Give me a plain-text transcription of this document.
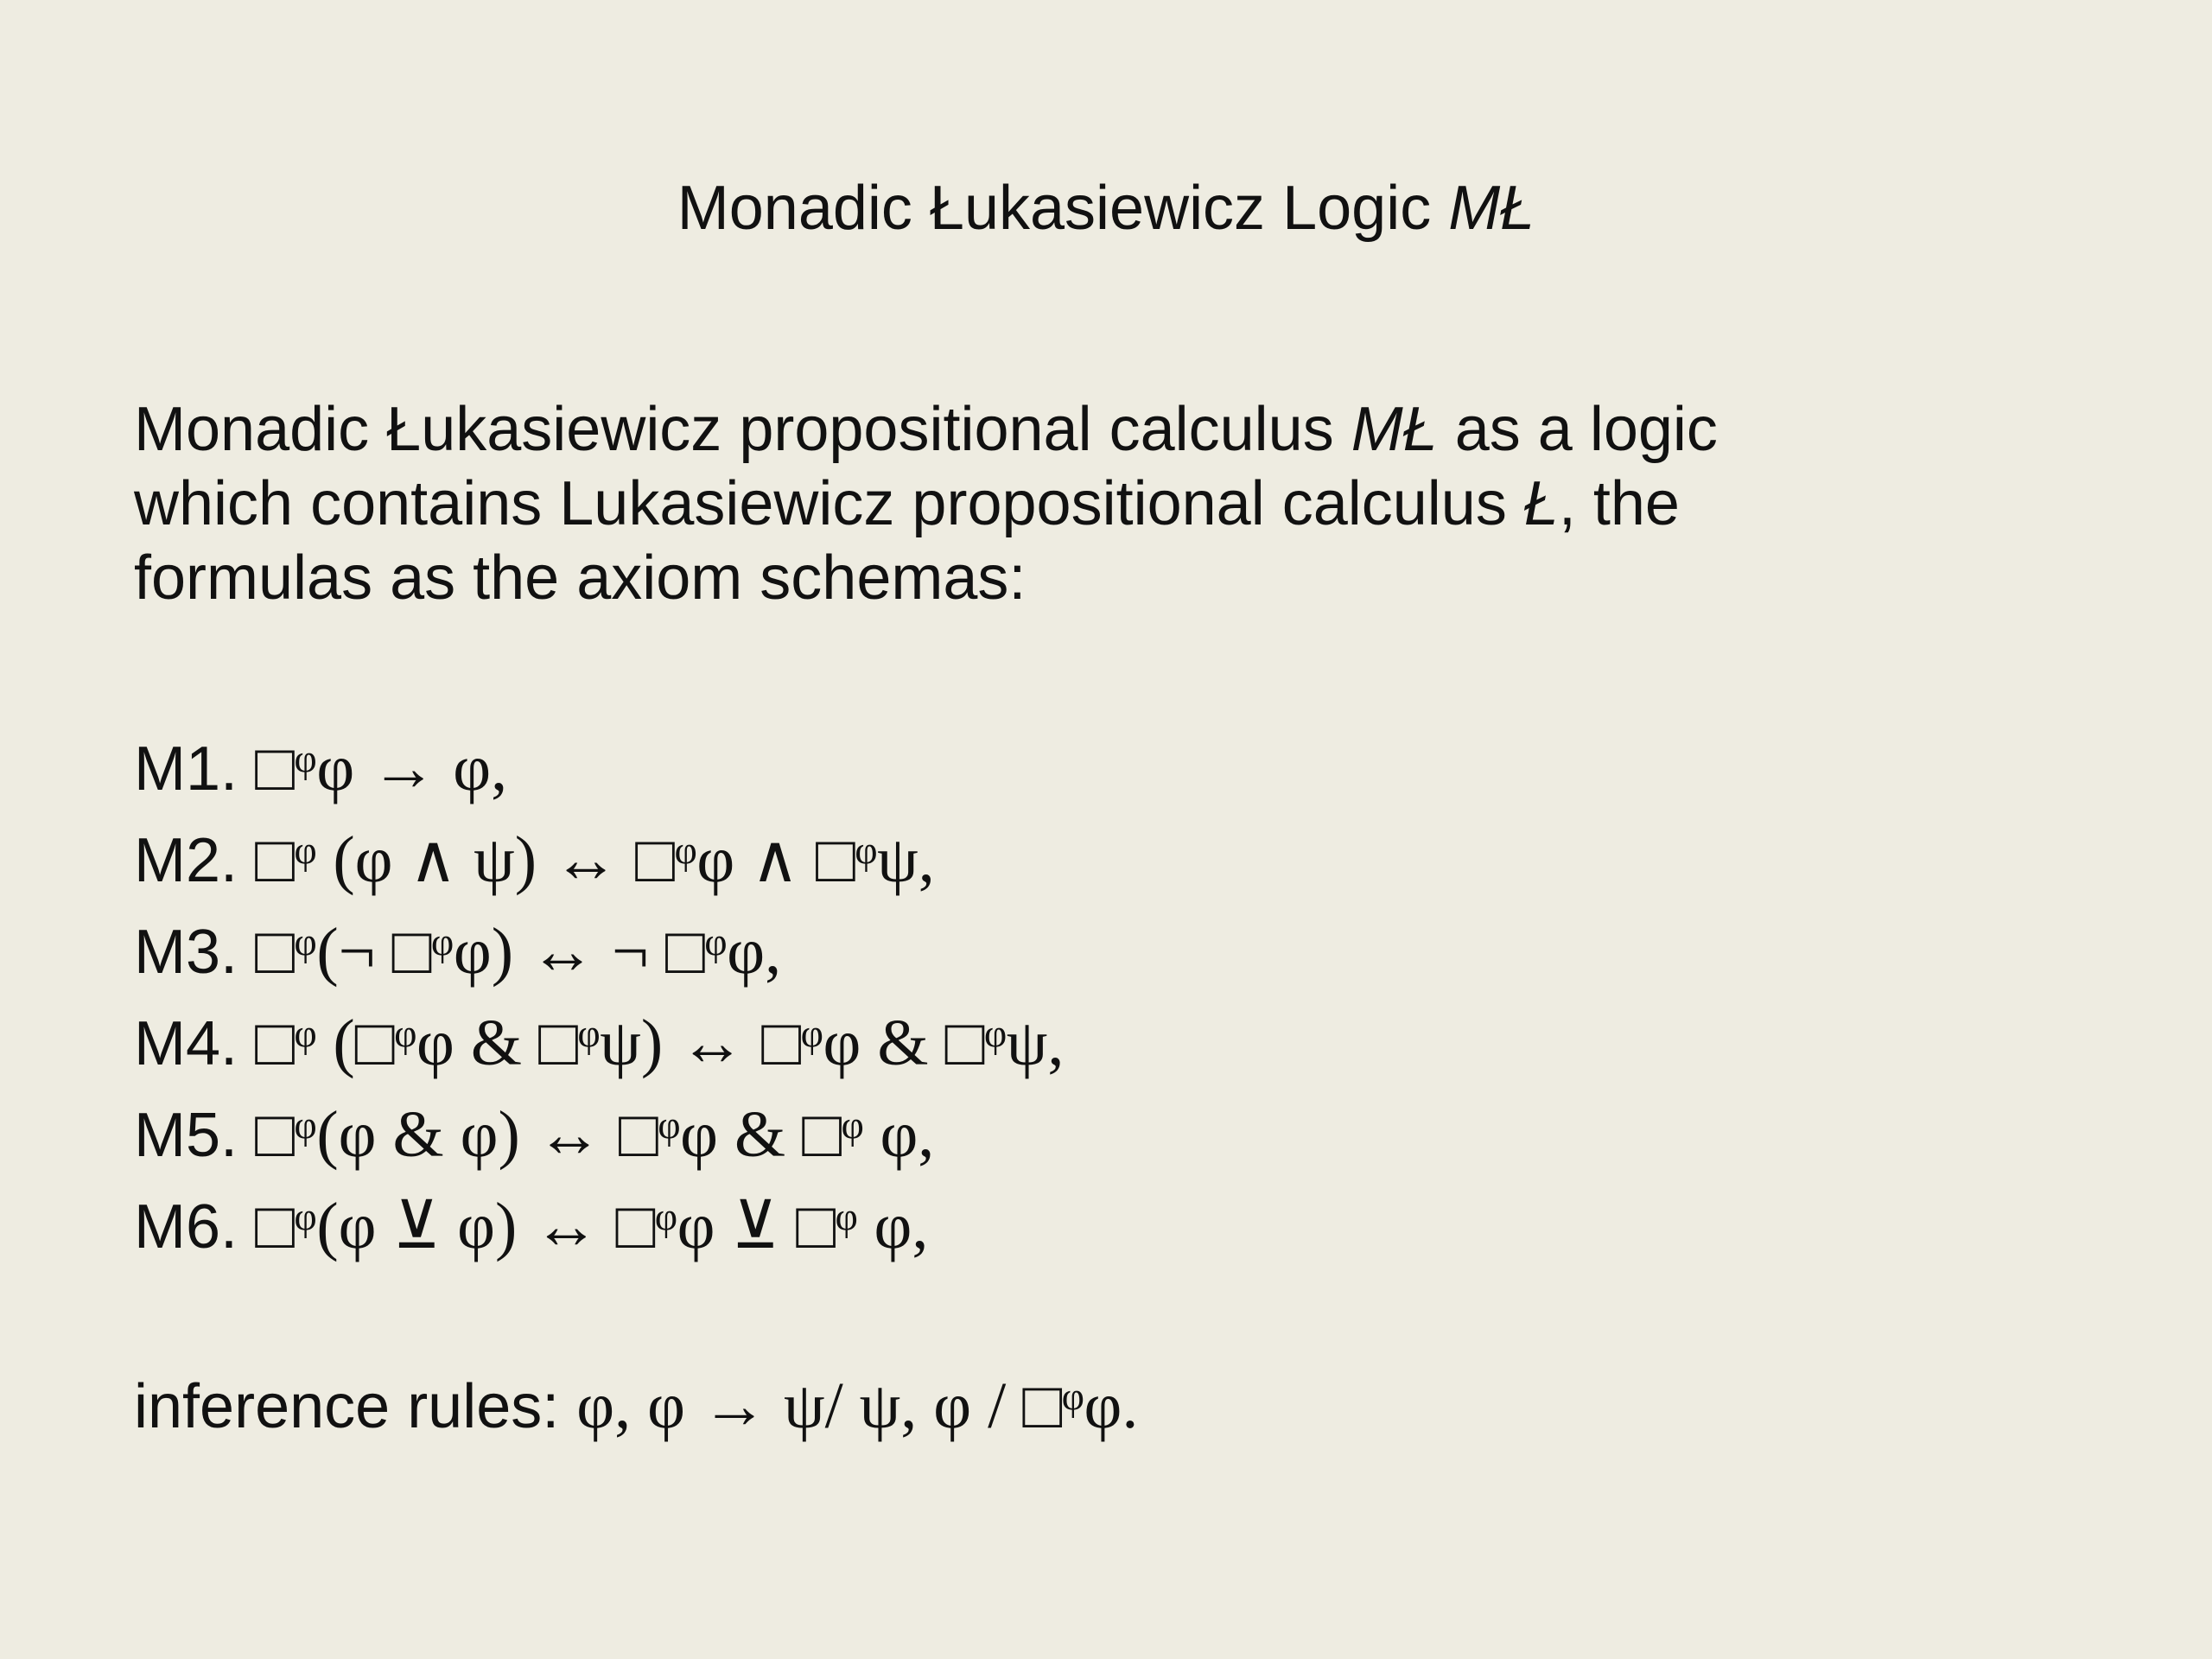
Monadic Łukasiewicz Logic MŁ
Monadic Łukasiewicz propositional calculus MŁ as a logic
which contains Lukasiewicz propositional calculus Ł, the
formulas as the axiom schemas:
M1. □ᵠφ → φ,
M2. □ᵠ (φ ∧ ψ) ↔ □ᵠφ ∧ □ᵠψ,
M3. □ᵠ(¬ □ᵠφ) ↔ ¬ □ᵠφ,
M4. □ᵠ (□ᵠφ & □ᵠψ) ↔ □ᵠφ & □ᵠψ,
M5. □ᵠ(φ & φ) ↔ □ᵠφ & □ᵠ φ,
M6. □ᵠ(φ ⊻ φ) ↔ □ᵠφ ⊻ □ᵠ φ,
inference rules: φ, φ → ψ/ ψ, φ / □ᵠφ.
